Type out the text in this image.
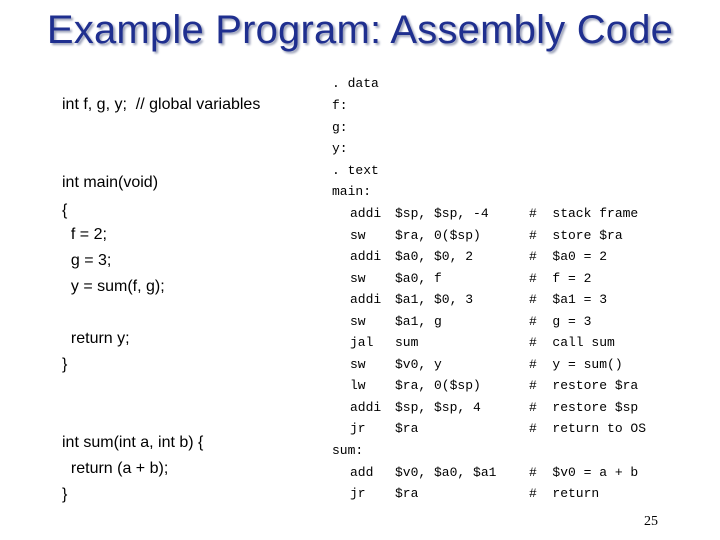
Example Program: Assembly Code
int f, g, y;  // global variables
int main(void)
{
f = 2;
g = 3;
y = sum(f, g);
return y;
}
int sum(int a, int b) {
return (a + b);
}
. data
f:
g:
y:
. text
main:
addi $sp, $sp, -4	#  stack frame
sw $ra, 0($sp)	#  store $ra
addi $a0, $0, 2	#  $a0 = 2
sw $a0, f	#  f = 2
addi $a1, $0, 3	#  $a1 = 3
sw $a1, g	#  g = 3
jal sum	#  call sum
sw $v0, y	#  y = sum()
lw $ra, 0($sp)	#  restore $ra
addi $sp, $sp, 4	#  restore $sp
jr $ra	#  return to OS
sum:
add $v0, $a0, $a1	#  $v0 = a + b
jr $ra	#  return
25
